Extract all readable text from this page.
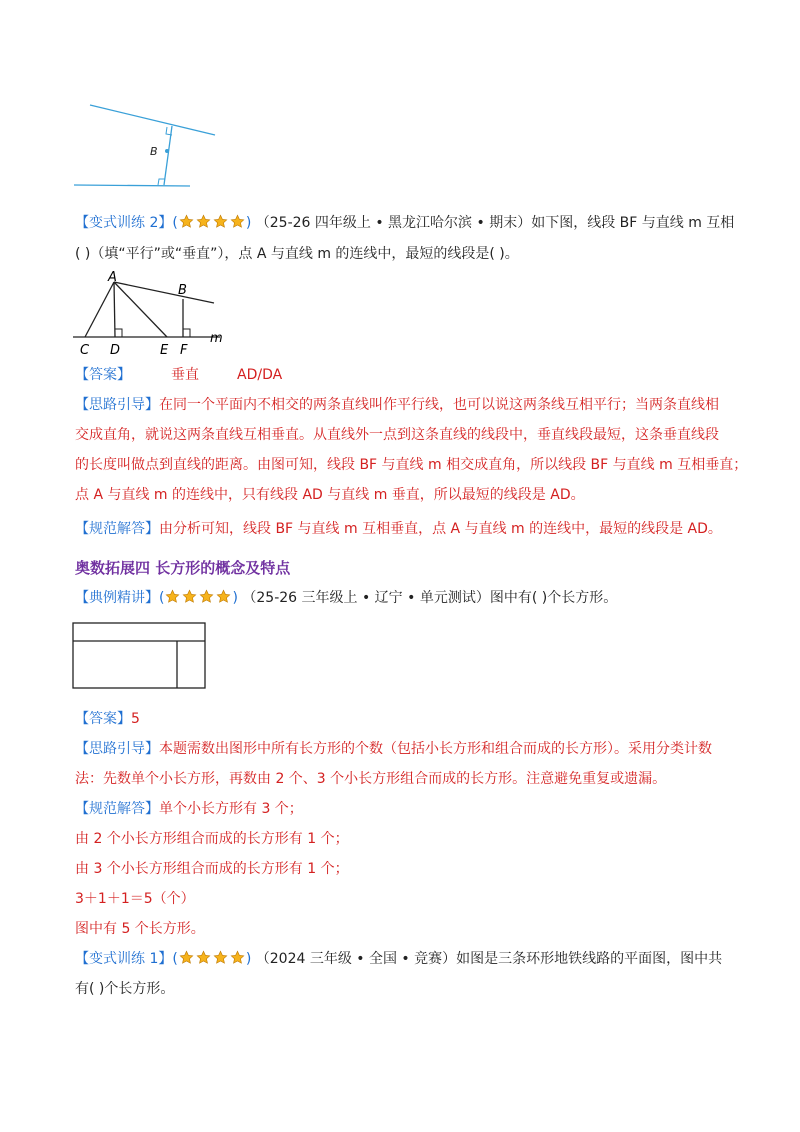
B
【变式训练 2】(	) （25-26 四年级上 • 黑龙江哈尔滨 • 期末）如下图，线段 BF 与直线 m 互相
( )（填“平行”或“垂直”），点 A 与直线 m 的连线中，最短的线段是( )。
A
B
C D	E F
m
【答案】	垂直	AD/DA
【思路引导】在同一个平面内不相交的两条直线叫作平行线，也可以说这两条线互相平行；当两条直线相
交成直角，就说这两条直线互相垂直。从直线外一点到这条直线的线段中，垂直线段最短，这条垂直线段
的长度叫做点到直线的距离。由图可知，线段 BF 与直线 m 相交成直角，所以线段 BF 与直线 m 互相垂直；
点 A 与直线 m 的连线中，只有线段 AD 与直线 m 垂直，所以最短的线段是 AD。
【规范解答】由分析可知，线段 BF 与直线 m 互相垂直，点 A 与直线 m 的连线中，最短的线段是 AD。
奥数拓展四 长方形的概念及特点
【典例精讲】(	) （25-26 三年级上 • 辽宁 • 单元测试）图中有( )个长方形。
【答案】5
【思路引导】本题需数出图形中所有长方形的个数（包括小长方形和组合而成的长方形）。采用分类计数
法：先数单个小长方形，再数由 2 个、3 个小长方形组合而成的长方形。注意避免重复或遗漏。
【规范解答】单个小长方形有 3 个；
由 2 个小长方形组合而成的长方形有 1 个；
由 3 个小长方形组合而成的长方形有 1 个；
3＋1＋1＝5（个）
图中有 5 个长方形。
【变式训练 1】(	) （2024 三年级 • 全国 • 竞赛）如图是三条环形地铁线路的平面图，图中共
有( )个长方形。
